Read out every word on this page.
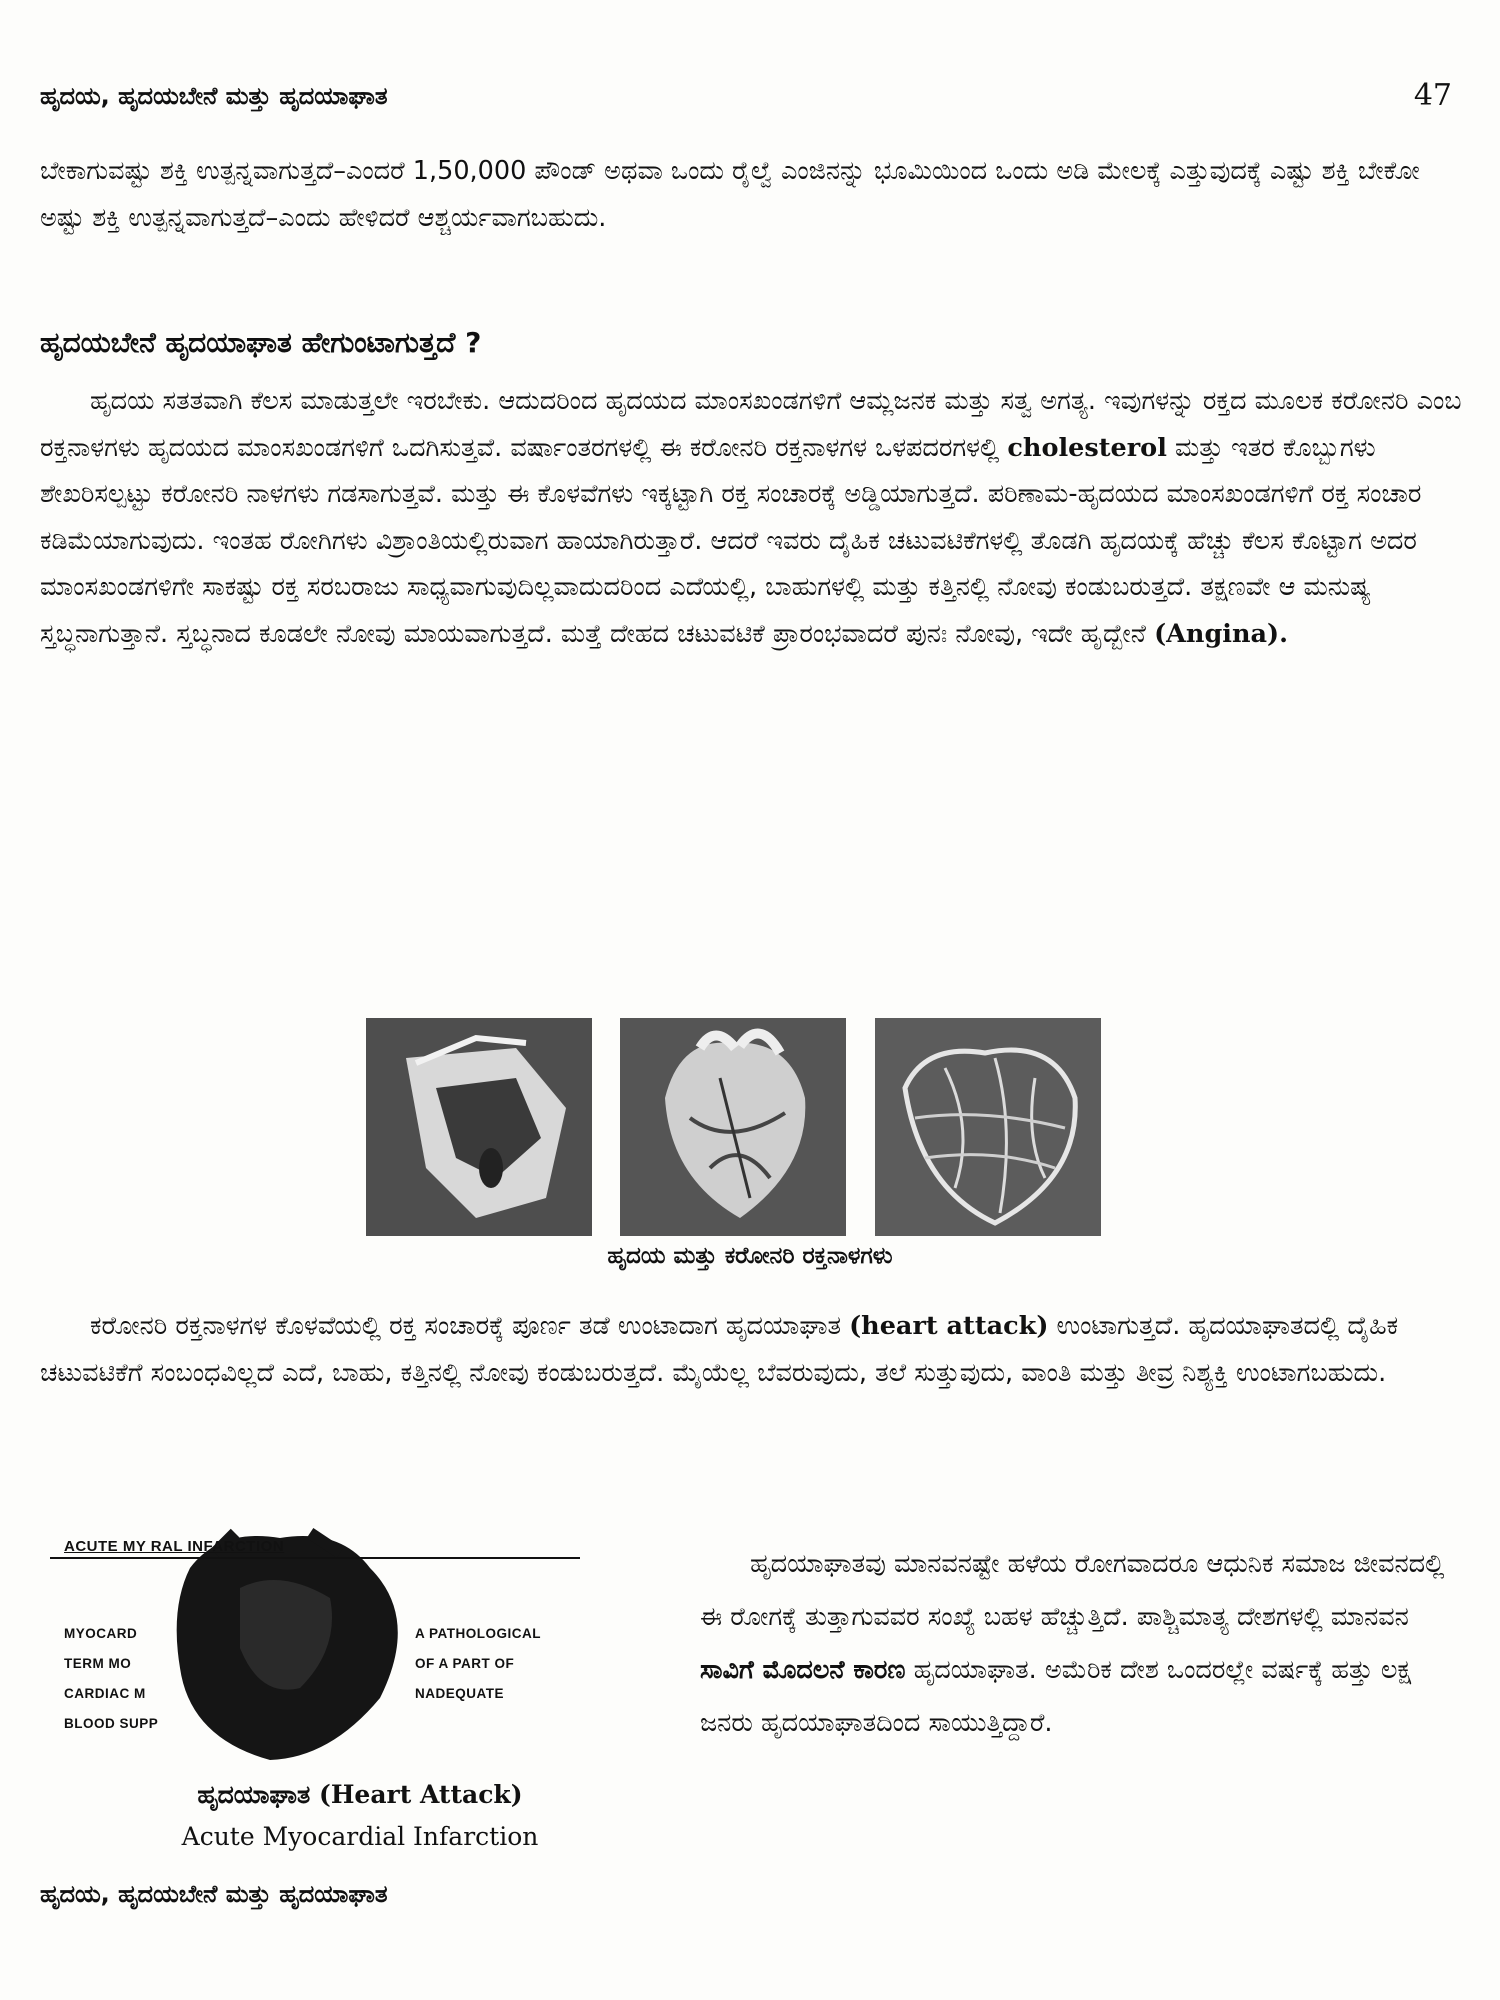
ಹೃದಯ, ಹೃದಯಬೇನೆ ಮತ್ತು ಹೃದಯಾಘಾತ	47

ಬೇಕಾಗುವಷ್ಟು ಶಕ್ತಿ ಉತ್ಪನ್ನವಾಗುತ್ತದೆ–ಎಂದರೆ 1,50,000 ಪೌಂಡ್ ಅಥವಾ ಒಂದು ರೈಲ್ವೆ ಎಂಜಿನನ್ನು ಭೂಮಿಯಿಂದ ಒಂದು ಅಡಿ ಮೇಲಕ್ಕೆ ಎತ್ತುವುದಕ್ಕೆ ಎಷ್ಟು ಶಕ್ತಿ ಬೇಕೋ ಅಷ್ಟು ಶಕ್ತಿ ಉತ್ಪನ್ನವಾಗುತ್ತದೆ–ಎಂದು ಹೇಳಿದರೆ ಆಶ್ಚರ್ಯವಾಗಬಹುದು.

ಹೃದಯಬೇನೆ ಹೃದಯಾಘಾತ ಹೇಗುಂಟಾಗುತ್ತದೆ ?

ಹೃದಯ ಸತತವಾಗಿ ಕೆಲಸ ಮಾಡುತ್ತಲೇ ಇರಬೇಕು. ಆದುದರಿಂದ ಹೃದಯದ ಮಾಂಸಖಂಡಗಳಿಗೆ ಆಮ್ಲಜನಕ ಮತ್ತು ಸತ್ವ ಅಗತ್ಯ. ಇವುಗಳನ್ನು ರಕ್ತದ ಮೂಲಕ ಕರೋನರಿ ಎಂಬ ರಕ್ತನಾಳಗಳು ಹೃದಯದ ಮಾಂಸಖಂಡಗಳಿಗೆ ಒದಗಿಸುತ್ತವೆ. ವರ್ಷಾಂತರಗಳಲ್ಲಿ ಈ ಕರೋನರಿ ರಕ್ತನಾಳಗಳ ಒಳಪದರಗಳಲ್ಲಿ cholesterol ಮತ್ತು ಇತರ ಕೊಬ್ಬುಗಳು ಶೇಖರಿಸಲ್ಪಟ್ಟು ಕರೋನರಿ ನಾಳಗಳು ಗಡಸಾಗುತ್ತವೆ. ಮತ್ತು ಈ ಕೊಳವೆಗಳು ಇಕ್ಕಟ್ಟಾಗಿ ರಕ್ತ ಸಂಚಾರಕ್ಕೆ ಅಡ್ಡಿಯಾಗುತ್ತದೆ. ಪರಿಣಾಮ-ಹೃದಯದ ಮಾಂಸಖಂಡಗಳಿಗೆ ರಕ್ತ ಸಂಚಾರ ಕಡಿಮೆಯಾಗುವುದು. ಇಂತಹ ರೋಗಿಗಳು ವಿಶ್ರಾಂತಿಯಲ್ಲಿರುವಾಗ ಹಾಯಾಗಿರುತ್ತಾರೆ. ಆದರೆ ಇವರು ದೈಹಿಕ ಚಟುವಟಿಕೆಗಳಲ್ಲಿ ತೊಡಗಿ ಹೃದಯಕ್ಕೆ ಹೆಚ್ಚು ಕೆಲಸ ಕೊಟ್ಟಾಗ ಅದರ ಮಾಂಸಖಂಡಗಳಿಗೇ ಸಾಕಷ್ಟು ರಕ್ತ ಸರಬರಾಜು ಸಾಧ್ಯವಾಗುವುದಿಲ್ಲವಾದುದರಿಂದ ಎದೆಯಲ್ಲಿ, ಬಾಹುಗಳಲ್ಲಿ ಮತ್ತು ಕತ್ತಿನಲ್ಲಿ ನೋವು ಕಂಡುಬರುತ್ತದೆ. ತಕ್ಷಣವೇ ಆ ಮನುಷ್ಯ ಸ್ತಬ್ಧನಾಗುತ್ತಾನೆ. ಸ್ತಬ್ಧನಾದ ಕೂಡಲೇ ನೋವು ಮಾಯವಾಗುತ್ತದೆ. ಮತ್ತೆ ದೇಹದ ಚಟುವಟಿಕೆ ಪ್ರಾರಂಭವಾದರೆ ಪುನಃ ನೋವು, ಇದೇ ಹೃದ್ಬೇನೆ (Angina).

ಹೃದಯ ಮತ್ತು ಕರೋನರಿ ರಕ್ತನಾಳಗಳು

ಕರೋನರಿ ರಕ್ತನಾಳಗಳ ಕೊಳವೆಯಲ್ಲಿ ರಕ್ತ ಸಂಚಾರಕ್ಕೆ ಪೂರ್ಣ ತಡೆ ಉಂಟಾದಾಗ ಹೃದಯಾಘಾತ (heart attack) ಉಂಟಾಗುತ್ತದೆ. ಹೃದಯಾಘಾತದಲ್ಲಿ ದೈಹಿಕ ಚಟುವಟಿಕೆಗೆ ಸಂಬಂಧವಿಲ್ಲದೆ ಎದೆ, ಬಾಹು, ಕತ್ತಿನಲ್ಲಿ ನೋವು ಕಂಡುಬರುತ್ತದೆ. ಮೈಯೆಲ್ಲ ಬೆವರುವುದು, ತಲೆ ಸುತ್ತುವುದು, ವಾಂತಿ ಮತ್ತು ತೀವ್ರ ನಿಶ್ಯಕ್ತಿ ಉಂಟಾಗಬಹುದು.

ACUTE MY RAL INFARCTION
MYOCARD	A PATHOLOGICAL
TERM MO	OF A PART OF
CARDIAC M	NADEQUATE
BLOOD SUPP
ಹೃದಯಾಘಾತ (Heart Attack)
Acute Myocardial Infarction
ಹೃದಯ, ಹೃದಯಬೇನೆ ಮತ್ತು ಹೃದಯಾಘಾತ

ಹೃದಯಾಘಾತವು ಮಾನವನಷ್ಟೇ ಹಳೆಯ ರೋಗವಾದರೂ ಆಧುನಿಕ ಸಮಾಜ ಜೀವನದಲ್ಲಿ ಈ ರೋಗಕ್ಕೆ ತುತ್ತಾಗುವವರ ಸಂಖ್ಯೆ ಬಹಳ ಹೆಚ್ಚುತ್ತಿದೆ. ಪಾಶ್ಚಿಮಾತ್ಯ ದೇಶಗಳಲ್ಲಿ ಮಾನವನ ಸಾವಿಗೆ ಮೊದಲನೆ ಕಾರಣ ಹೃದಯಾಘಾತ. ಅಮೆರಿಕ ದೇಶ ಒಂದರಲ್ಲೇ ವರ್ಷಕ್ಕೆ ಹತ್ತು ಲಕ್ಷ ಜನರು ಹೃದಯಾಘಾತದಿಂದ ಸಾಯುತ್ತಿದ್ದಾರೆ.
